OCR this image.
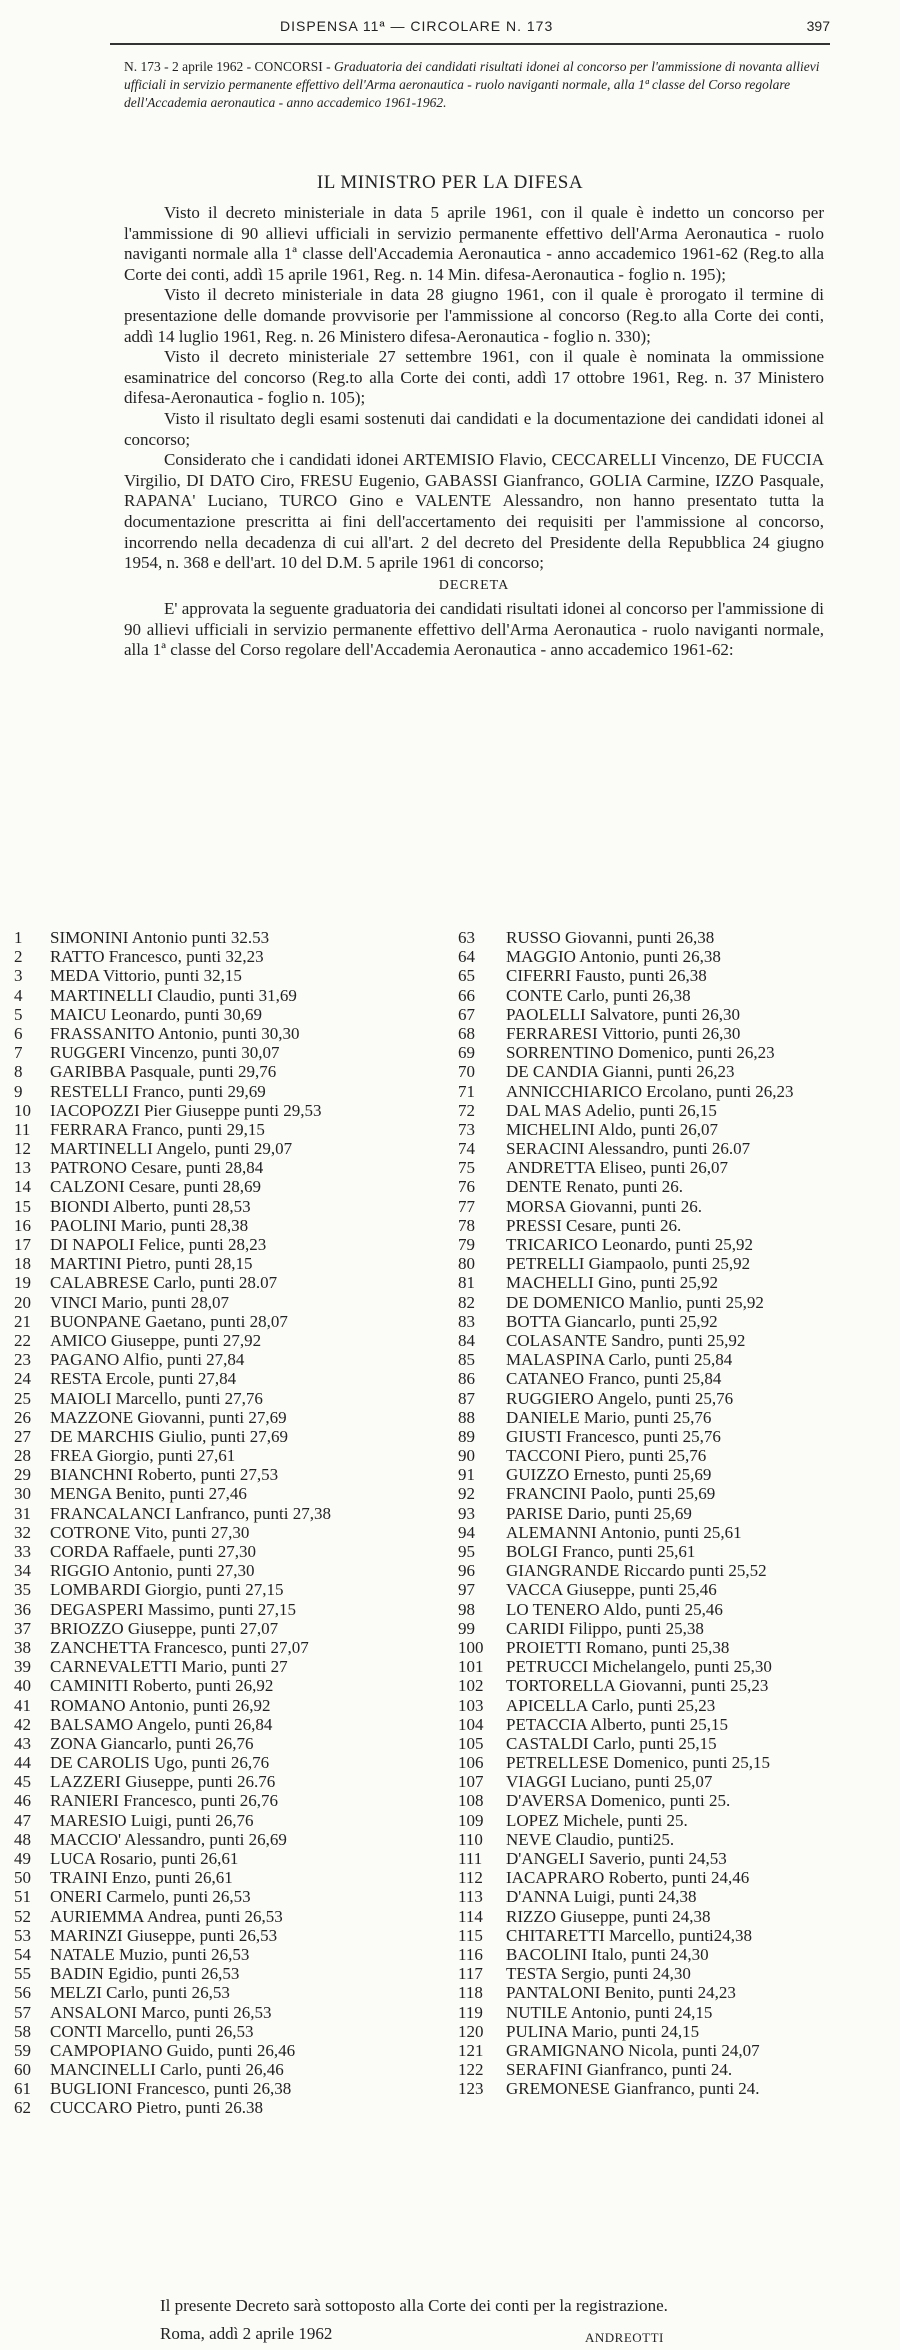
DISPENSA 11ª — CIRCOLARE N. 173	397
N. 173 - 2 aprile 1962 - CONCORSI - Graduatoria dei candidati risultati idonei al concorso per l'ammissione di novanta allievi ufficiali in servizio permanente effettivo dell'Arma aeronautica - ruolo naviganti normale, alla 1ª classe del Corso regolare dell'Accademia aeronautica - anno accademico 1961-1962.
IL MINISTRO PER LA DIFESA

Visto il decreto ministeriale in data 5 aprile 1961, con il quale è indetto un concorso per l'ammissione di 90 allievi ufficiali in servizio permanente effettivo dell'Arma Aeronautica - ruolo naviganti normale alla 1ª classe dell'Accademia Aeronautica - anno accademico 1961-62 (Reg.to alla Corte dei conti, addì 15 aprile 1961, Reg. n. 14 Min. difesa-Aeronautica - foglio n. 195);

Visto il decreto ministeriale in data 28 giugno 1961, con il quale è prorogato il termine di presentazione delle domande provvisorie per l'ammissione al concorso (Reg.to alla Corte dei conti, addì 14 luglio 1961, Reg. n. 26 Ministero difesa-Aeronautica - foglio n. 330);

Visto il decreto ministeriale 27 settembre 1961, con il quale è nominata la ommissione esaminatrice del concorso (Reg.to alla Corte dei conti, addì 17 ottobre 1961, Reg. n. 37 Ministero difesa-Aeronautica - foglio n. 105);

Visto il risultato degli esami sostenuti dai candidati e la documentazione dei candidati idonei al concorso;

Considerato che i candidati idonei ARTEMISIO Flavio, CECCARELLI Vincenzo, DE FUCCIA Virgilio, DI DATO Ciro, FRESU Eugenio, GABASSI Gianfranco, GOLIA Carmine, IZZO Pasquale, RAPANA' Luciano, TURCO Gino e VALENTE Alessandro, non hanno presentato tutta la documentazione prescritta ai fini dell'accertamento dei requisiti per l'ammissione al concorso, incorrendo nella decadenza di cui all'art. 2 del decreto del Presidente della Repubblica 24 giugno 1954, n. 368 e dell'art. 10 del D.M. 5 aprile 1961 di concorso;

DECRETA

E' approvata la seguente graduatoria dei candidati risultati idonei al concorso per l'ammissione di 90 allievi ufficiali in servizio permanente effettivo dell'Arma Aeronautica - ruolo naviganti normale, alla 1ª classe del Corso regolare dell'Accademia Aeronautica - anno accademico 1961-62:

1	SIMONINI Antonio punti 32.53
2	RATTO Francesco, punti 32,23
3	MEDA Vittorio, punti 32,15
4	MARTINELLI Claudio, punti 31,69
5	MAICU Leonardo, punti 30,69
6	FRASSANITO Antonio, punti 30,30
7	RUGGERI Vincenzo, punti 30,07
8	GARIBBA Pasquale, punti 29,76
9	RESTELLI Franco, punti 29,69
10	IACOPOZZI Pier Giuseppe punti 29,53
11	FERRARA Franco, punti 29,15
12	MARTINELLI Angelo, punti 29,07
13	PATRONO Cesare, punti 28,84
14	CALZONI Cesare, punti 28,69
15	BIONDI Alberto, punti 28,53
16	PAOLINI Mario, punti 28,38
17	DI NAPOLI Felice, punti 28,23
18	MARTINI Pietro, punti 28,15
19	CALABRESE Carlo, punti 28.07
20	VINCI Mario, punti 28,07
21	BUONPANE Gaetano, punti 28,07
22	AMICO Giuseppe, punti 27,92
23	PAGANO Alfio, punti 27,84
24	RESTA Ercole, punti 27,84
25	MAIOLI Marcello, punti 27,76
26	MAZZONE Giovanni, punti 27,69
27	DE MARCHIS Giulio, punti 27,69
28	FREA Giorgio, punti 27,61
29	BIANCHNI Roberto, punti 27,53
30	MENGA Benito, punti 27,46
31	FRANCALANCI Lanfranco, punti 27,38
32	COTRONE Vito, punti 27,30
33	CORDA Raffaele, punti 27,30
34	RIGGIO Antonio, punti 27,30
35	LOMBARDI Giorgio, punti 27,15
36	DEGASPERI Massimo, punti 27,15
37	BRIOZZO Giuseppe, punti 27,07
38	ZANCHETTA Francesco, punti 27,07
39	CARNEVALETTI Mario, punti 27
40	CAMINITI Roberto, punti 26,92
41	ROMANO Antonio, punti 26,92
42	BALSAMO Angelo, punti 26,84
43	ZONA Giancarlo, punti 26,76
44	DE CAROLIS Ugo, punti 26,76
45	LAZZERI Giuseppe, punti 26.76
46	RANIERI Francesco, punti 26,76
47	MARESIO Luigi, punti 26,76
48	MACCIO' Alessandro, punti 26,69
49	LUCA Rosario, punti 26,61
50	TRAINI Enzo, punti 26,61
51	ONERI Carmelo, punti 26,53
52	AURIEMMA Andrea, punti 26,53
53	MARINZI Giuseppe, punti 26,53
54	NATALE Muzio, punti 26,53
55	BADIN Egidio, punti 26,53
56	MELZI Carlo, punti 26,53
57	ANSALONI Marco, punti 26,53
58	CONTI Marcello, punti 26,53
59	CAMPOPIANO Guido, punti 26,46
60	MANCINELLI Carlo, punti 26,46
61	BUGLIONI Francesco, punti 26,38
62	CUCCARO Pietro, punti 26.38
63	RUSSO Giovanni, punti 26,38
64	MAGGIO Antonio, punti 26,38
65	CIFERRI Fausto, punti 26,38
66	CONTE Carlo, punti 26,38
67	PAOLELLI Salvatore, punti 26,30
68	FERRARESI Vittorio, punti 26,30
69	SORRENTINO Domenico, punti 26,23
70	DE CANDIA Gianni, punti 26,23
71	ANNICCHIARICO Ercolano, punti 26,23
72	DAL MAS Adelio, punti 26,15
73	MICHELINI Aldo, punti 26,07
74	SERACINI Alessandro, punti 26.07
75	ANDRETTA Eliseo, punti 26,07
76	DENTE Renato, punti 26.
77	MORSA Giovanni, punti 26.
78	PRESSI Cesare, punti 26.
79	TRICARICO Leonardo, punti 25,92
80	PETRELLI Giampaolo, punti 25,92
81	MACHELLI Gino, punti 25,92
82	DE DOMENICO Manlio, punti 25,92
83	BOTTA Giancarlo, punti 25,92
84	COLASANTE Sandro, punti 25,92
85	MALASPINA Carlo, punti 25,84
86	CATANEO Franco, punti 25,84
87	RUGGIERO Angelo, punti 25,76
88	DANIELE Mario, punti 25,76
89	GIUSTI Francesco, punti 25,76
90	TACCONI Piero, punti 25,76
91	GUIZZO Ernesto, punti 25,69
92	FRANCINI Paolo, punti 25,69
93	PARISE Dario, punti 25,69
94	ALEMANNI Antonio, punti 25,61
95	BOLGI Franco, punti 25,61
96	GIANGRANDE Riccardo punti 25,52
97	VACCA Giuseppe, punti 25,46
98	LO TENERO Aldo, punti 25,46
99	CARIDI Filippo, punti 25,38
100	PROIETTI Romano, punti 25,38
101	PETRUCCI Michelangelo, punti 25,30
102	TORTORELLA Giovanni, punti 25,23
103	APICELLA Carlo, punti 25,23
104	PETACCIA Alberto, punti 25,15
105	CASTALDI Carlo, punti 25,15
106	PETRELLESE Domenico, punti 25,15
107	VIAGGI Luciano, punti 25,07
108	D'AVERSA Domenico, punti 25.
109	LOPEZ Michele, punti 25.
110	NEVE Claudio, punti25.
111	D'ANGELI Saverio, punti 24,53
112	IACAPRARO Roberto, punti 24,46
113	D'ANNA Luigi, punti 24,38
114	RIZZO Giuseppe, punti 24,38
115	CHITARETTI Marcello, punti24,38
116	BACOLINI Italo, punti 24,30
117	TESTA Sergio, punti 24,30
118	PANTALONI Benito, punti 24,23
119	NUTILE Antonio, punti 24,15
120	PULINA Mario, punti 24,15
121	GRAMIGNANO Nicola, punti 24,07
122	SERAFINI Gianfranco, punti 24.
123	GREMONESE Gianfranco, punti 24.
Il presente Decreto sarà sottoposto alla Corte dei conti per la registrazione.
Roma, addì 2 aprile 1962	ANDREOTTI
